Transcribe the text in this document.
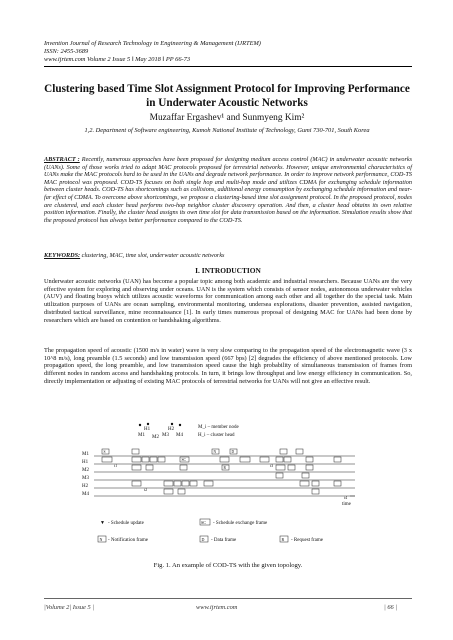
Invention Journal of Research Technology in Engineering & Management (IJRTEM)
ISSN: 2455-3689
www.ijrtem.com Volume 2 Issue 5 ǁ May 2018 ǁ PP 66-73
Clustering based Time Slot Assignment Protocol for Improving Performance in Underwater Acoustic Networks
Muzaffar Ergashev¹ and Sunmyeng Kim²
1,2. Department of Software engineering, Kumoh National Institute of Technology, Gumi 730-701, South Korea
ABSTRACT : Recently, numerous approaches have been proposed for designing medium access control (MAC) in underwater acoustic networks (UANs). Some of those works tried to adapt MAC protocols proposed for terrestrial networks. However, unique environmental characteristics of UANs make the MAC protocols hard to be used in the UANs and degrade network performance. In order to improve network performance, COD-TS MAC protocol was proposed. COD-TS focuses on both single hop and multi-hop mode and utilizes CDMA for exchanging schedule information between cluster heads. COD-TS has shortcomings such as collisions, additional energy consumption by exchanging schedule information and near-far effect of CDMA. To overcome above shortcomings, we propose a clustering-based time slot assignment protocol. In the proposed protocol, nodes are clustered, and each cluster head performs two-hop neighbor cluster discovery operation. And then, a cluster head obtains its own relative position information. Finally, the cluster head assigns its own time slot for data transmission based on the information. Simulation results show that the proposed protocol has always better performance compared to the COD-TS.
KEYWORDS: clustering, MAC, time slot, underwater acoustic networks
I. INTRODUCTION
Underwater acoustic networks (UAN) has become a popular topic among both academic and industrial researchers. Because UANs are the very effective system for exploring and observing under oceans. UAN is the system which consists of sensor nodes, autonomous underwater vehicles (AUV) and floating buoys which utilizes acoustic waveforms for communication among each other and all together do the special task. Main utilization purposes of UANs are ocean sampling, environmental monitoring, undersea explorations, disaster prevention, assisted navigation, distributed tactical surveillance, mine reconnaissance [1]. In early times numerous proposal of designing MAC for UANs had been done by researchers which are based on contention or handshaking algorithms.
The propagation speed of acoustic (1500 m/s in water) wave is very slow comparing to the propagation speed of the electromagnetic wave (3 x 10^8 m/s), long preamble (1.5 seconds) and low transmission speed (667 bps) [2] degrades the efficiency of above mentioned protocols. Low propagation speed, the long preamble, and low transmission speed cause the high probability of simultaneous transmission of frames from different nodes in random access and handshaking protocols. In turn, it brings low throughput and low energy efficiency in communication. So, directly implementation or adjusting of existing MAC protocols of terrestrial networks for UANs will not give an effective result.
M1
H1
M2
H2
M3 M4
M_i – member node
H_i – cluster head
M1
H1
M2
M3
H2
M4
time
S
SC
N	D
R
t1
t2
t3
t4
▼ - Schedule update	SC - Schedule exchange frame
N - Notification frame	D - Data frame	R - Request frame
Fig. 1. An example of COD-TS with the given topology.
|Volume 2| Issue 5 |	www.ijrtem.com	| 66 |
